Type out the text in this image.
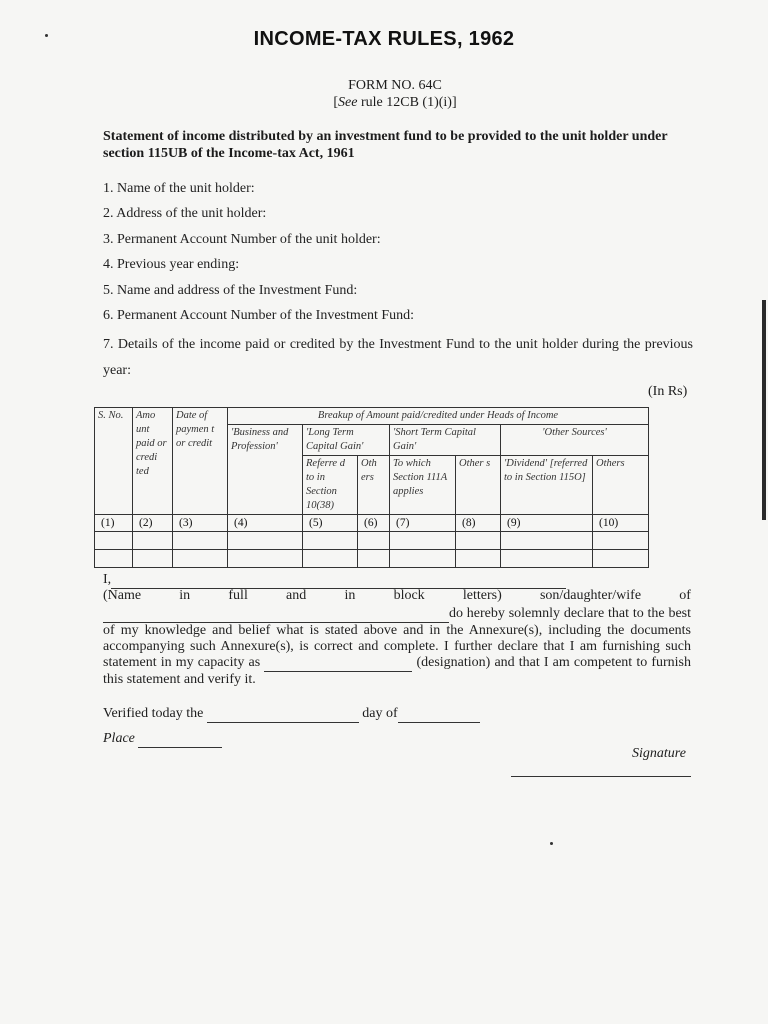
INCOME-TAX RULES, 1962
FORM NO. 64C
[See rule 12CB (1)(i)]
Statement of income distributed by an investment fund to be provided to the unit holder under section 115UB of the Income-tax Act, 1961
1. Name of the unit holder:
2. Address of the unit holder:
3. Permanent Account Number of the unit holder:
4. Previous year ending:
5. Name and address of the Investment Fund:
6. Permanent Account Number of the Investment Fund:
7. Details of the income paid or credited by the Investment Fund to the unit holder during the previous year:
(In Rs)
S. No.	Amo unt paid or credi ted	Date of paymen t or credit	Breakup of Amount paid/credited under Heads of Income						
			'Business and Profession'	'Long Term Capital Gain'		'Short Term Capital Gain'		'Other Sources'	
				Referre d to in Section 10(38)	Oth ers	To which Section 111A applies	Other s	'Dividend' [referred to in Section 115O]	Others
(1)	(2)	(3)	(4)	(5)	(6)	(7)	(8)	(9)	(10)

I,
(Name	in	full	and	in	block	letters)	son/daughter/wife	of
do hereby solemnly declare that to the best of my knowledge and belief what is stated above and in the Annexure(s), including the documents accompanying such Annexure(s), is correct and complete. I further declare that I am furnishing such statement in my capacity as	(designation) and that I am competent to furnish this statement and verify it.
Verified today the	day of
Place
Signature
